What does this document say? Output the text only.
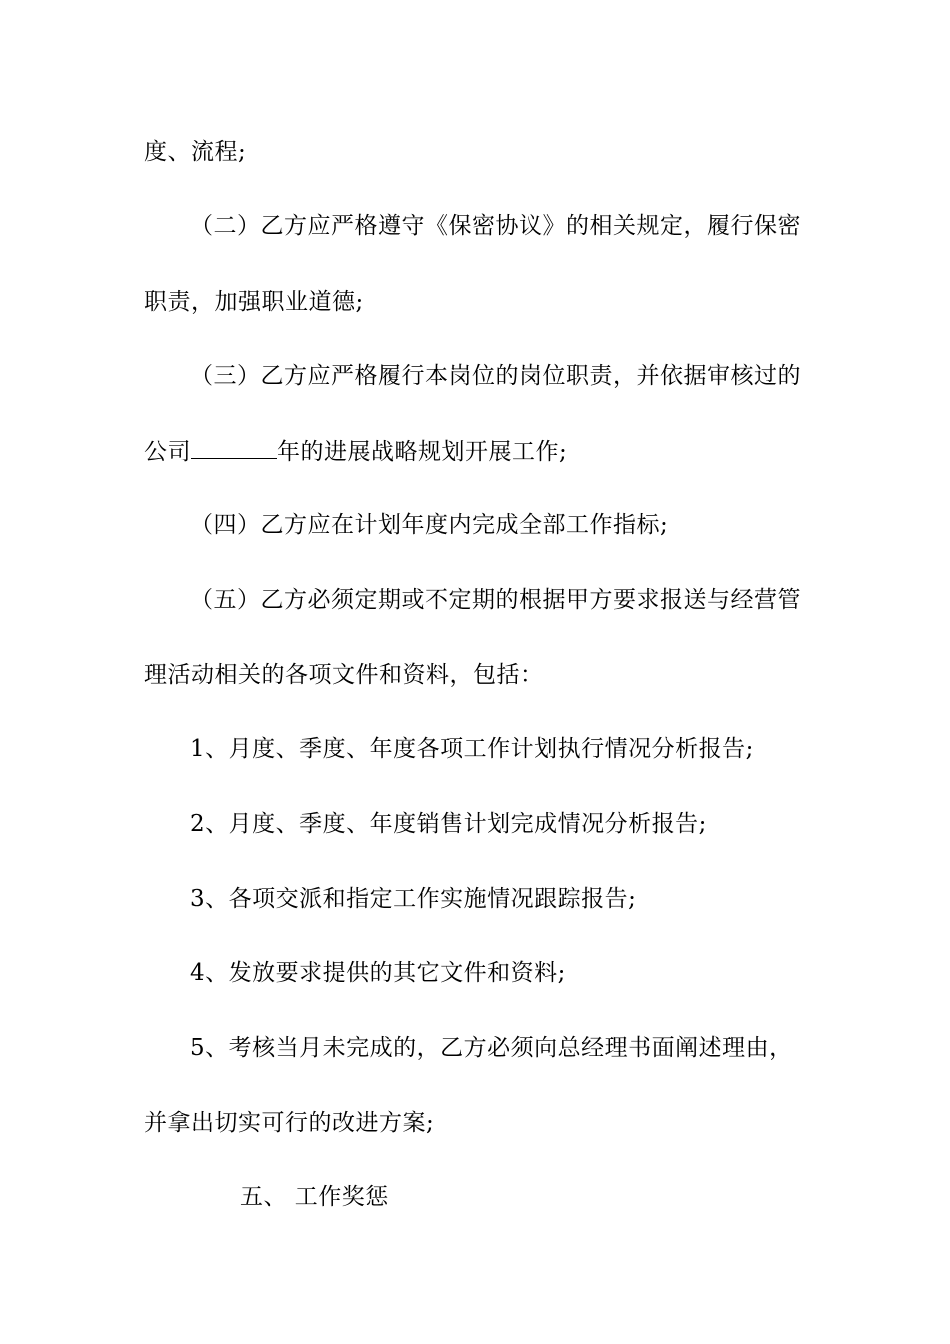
度、流程;
（二）乙方应严格遵守《保密协议》的相关规定，履行保密
职责，加强职业道德;
（三）乙方应严格履行本岗位的岗位职责，并依据审核过的
公司	年的进展战略规划开展工作;
（四）乙方应在计划年度内完成全部工作指标;
（五）乙方必须定期或不定期的根据甲方要求报送与经营管
理活动相关的各项文件和资料，包括：
1、月度、季度、年度各项工作计划执行情况分析报告;
2、月度、季度、年度销售计划完成情况分析报告;
3、各项交派和指定工作实施情况跟踪报告;
4、发放要求提供的其它文件和资料;
5、考核当月未完成的，乙方必须向总经理书面阐述理由，
并拿出切实可行的改进方案;
五、 工作奖惩
